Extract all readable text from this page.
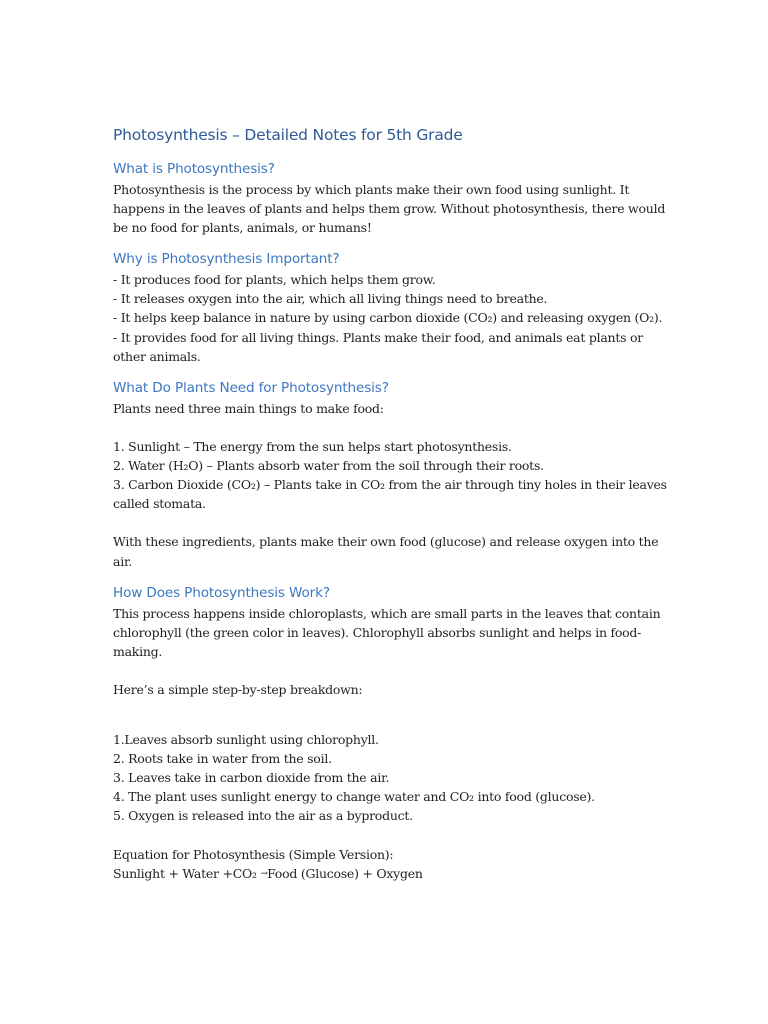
Photosynthesis – Detailed Notes for 5th Grade
What is Photosynthesis?
Photosynthesis is the process by which plants make their own food using sunlight. It
happens in the leaves of plants and helps them grow. Without photosynthesis, there would
be no food for plants, animals, or humans!
Why is Photosynthesis Important?
- It produces food for plants, which helps them grow.
- It releases oxygen into the air, which all living things need to breathe.
- It helps keep balance in nature by using carbon dioxide (CO₂) and releasing oxygen (O₂).
- It provides food for all living things. Plants make their food, and animals eat plants or
other animals.
What Do Plants Need for Photosynthesis?
Plants need three main things to make food:
1. Sunlight – The energy from the sun helps start photosynthesis.
2. Water (H₂O) – Plants absorb water from the soil through their roots.
3. Carbon Dioxide (CO₂) – Plants take in CO₂ from the air through tiny holes in their leaves
called stomata.
With these ingredients, plants make their own food (glucose) and release oxygen into the
air.
How Does Photosynthesis Work?
This process happens inside chloroplasts, which are small parts in the leaves that contain
chlorophyll (the green color in leaves). Chlorophyll absorbs sunlight and helps in food-
making.
Here’s a simple step-by-step breakdown:
1.Leaves absorb sunlight using chlorophyll.
2. Roots take in water from the soil.
3. Leaves take in carbon dioxide from the air.
4. The plant uses sunlight energy to change water and CO₂ into food (glucose).
5. Oxygen is released into the air as a byproduct.
Equation for Photosynthesis (Simple Version):
Sunlight + Water +CO₂ →Food (Glucose) + Oxygen
